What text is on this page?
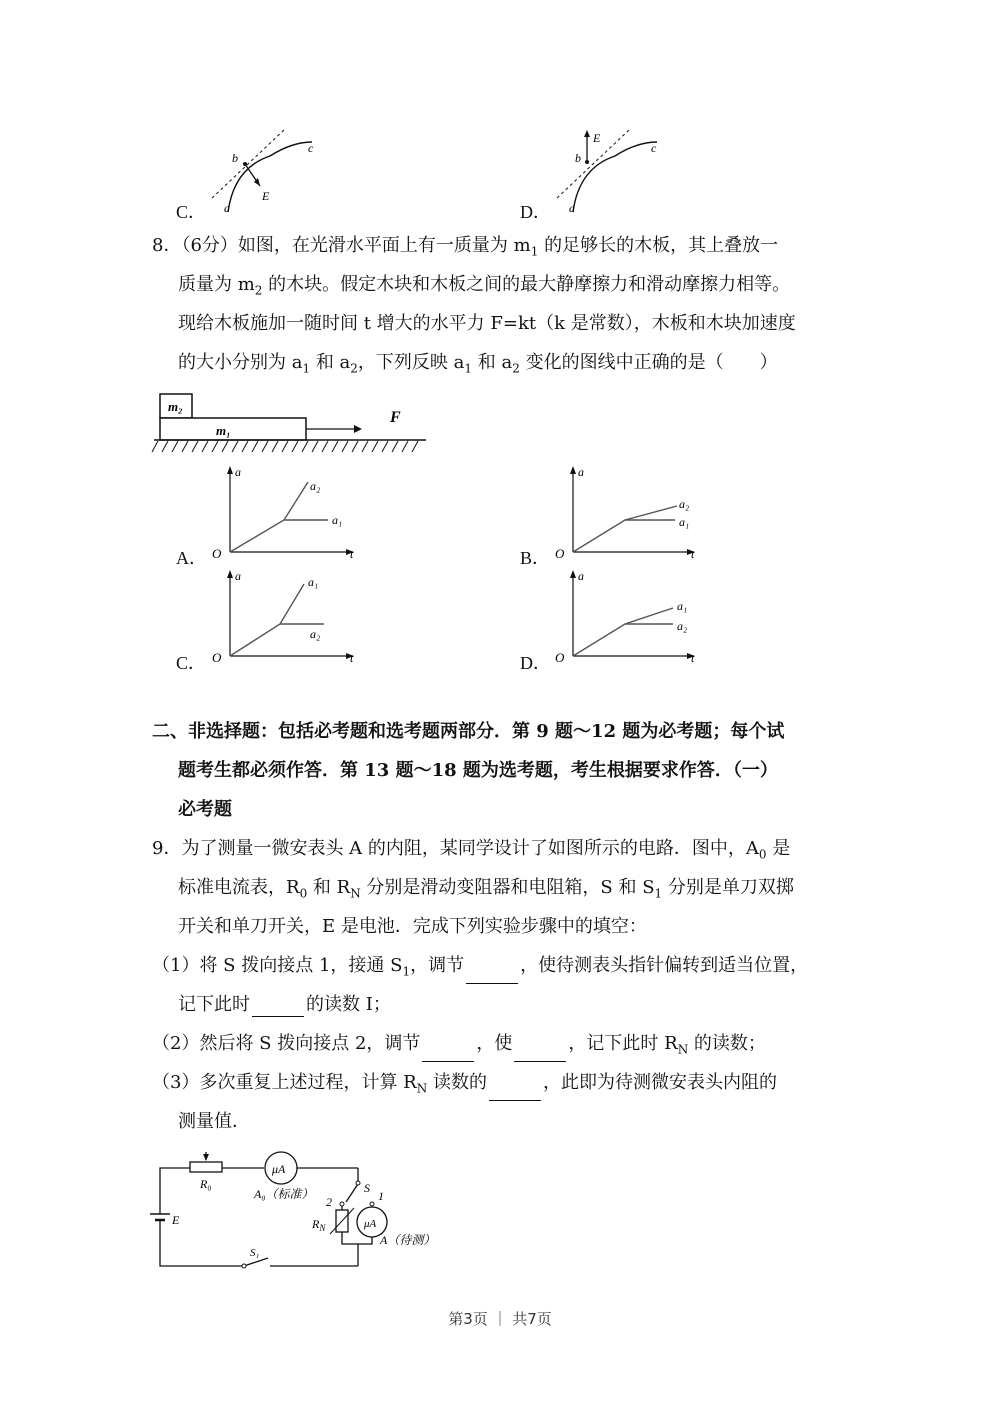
C． a
b
c
E
D． a
b
c
E
8．（6分）如图，在光滑水平面上有一质量为 $m_1$ 的足够长的木板，其上叠放一
质量为 $m_2$ 的木块。假定木块和木板之间的最大静摩擦力和滑动摩擦力相等。
现给木板施加一随时间 t 增大的水平力 F=kt（k 是常数），木板和木块加速度
的大小分别为 $a_1$ 和 $a_2$，下列反映 $a_1$ 和 $a_2$ 变化的图线中正确的是（　　）
m₂
m₁
F
A．
a
t
O
a₂
a₁
B．
a
t
O
a₂
a₁
C．
a
t
O
a₁
a₂
D．
a
t
O
a₁
a₂
二、非选择题：包括必考题和选考题两部分．第 9 题～12 题为必考题；每个试
题考生都必须作答．第 13 题～18 题为选考题，考生根据要求作答．（一）
必考题
9．为了测量一微安表头 A 的内阻，某同学设计了如图所示的电路．图中，$A_0$ 是
标准电流表，$R_0$ 和 $R_N$ 分别是滑动变阻器和电阻箱，S 和 $S_1$ 分别是单刀双掷
开关和单刀开关，E 是电池．完成下列实验步骤中的填空：
（1）将 S 拨向接点 1，接通 $S_1$，调节	，使待测表头指针偏转到适当位置，
记下此时	的读数 I；
（2）然后将 S 拨向接点 2，调节	，使	，记下此时 $R_N$ 的读数；
（3）多次重复上述过程，计算 $R_N$ 读数的	，此即为待测微安表头内阻的
测量值．
μA
μA
R₀
A₀（标准）	S
1
2
$R_N$
A（待测）
E
S₁
第3页 ｜ 共7页
